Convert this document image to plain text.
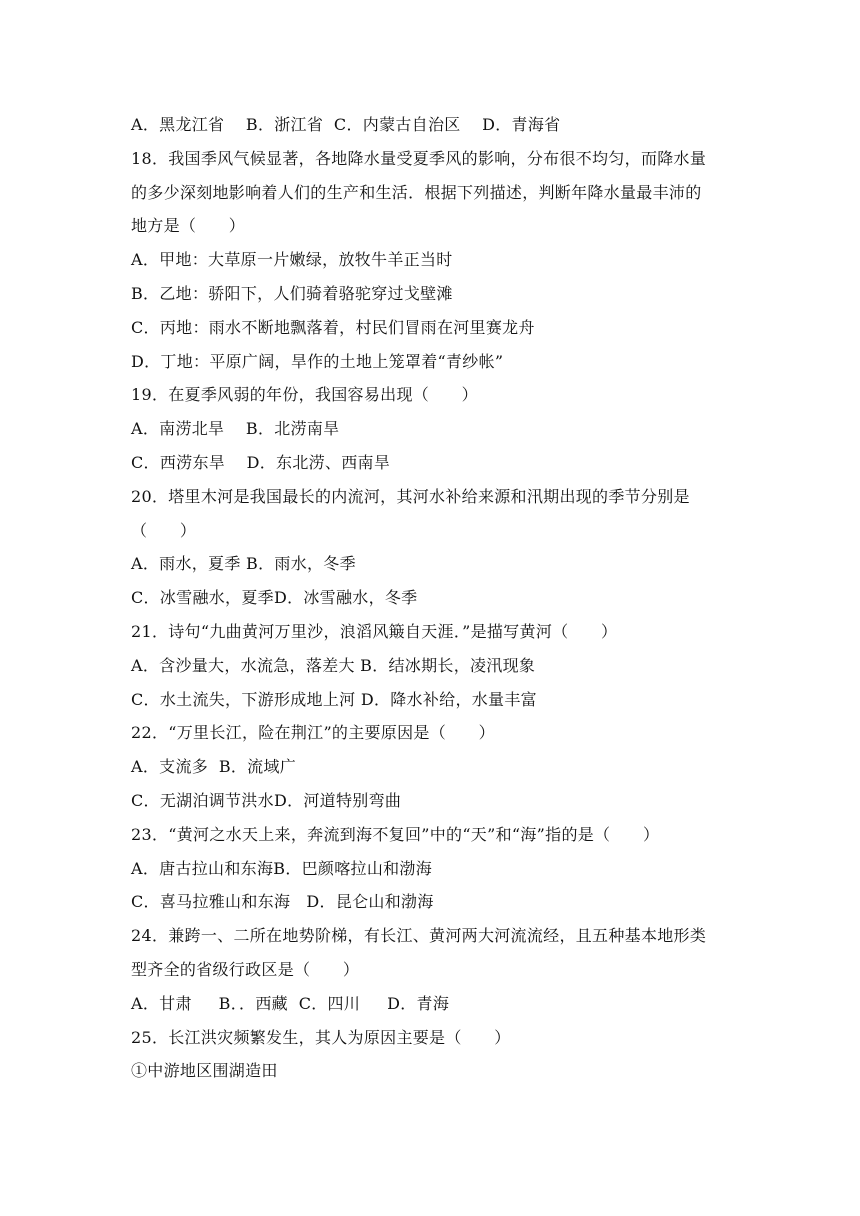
A．黑龙江省    B．浙江省  C．内蒙古自治区    D．青海省
18．我国季风气候显著，各地降水量受夏季风的影响，分布很不均匀，而降水量
的多少深刻地影响着人们的生产和生活．根据下列描述，判断年降水量最丰沛的
地方是（　　）
A．甲地：大草原一片嫩绿，放牧牛羊正当时
B．乙地：骄阳下，人们骑着骆驼穿过戈壁滩
C．丙地：雨水不断地飘落着，村民们冒雨在河里赛龙舟
D．丁地：平原广阔，旱作的土地上笼罩着“青纱帐”
19．在夏季风弱的年份，我国容易出现（　　）
A．南涝北旱    B．北涝南旱
C．西涝东旱    D．东北涝、西南旱
20．塔里木河是我国最长的内流河，其河水补给来源和汛期出现的季节分别是
（　　）
A．雨水，夏季 B．雨水，冬季
C．冰雪融水，夏季D．冰雪融水，冬季
21．诗句“九曲黄河万里沙，浪滔风簸自天涯．”是描写黄河（　　）
A．含沙量大，水流急，落差大 B．结冰期长，凌汛现象
C．水土流失，下游形成地上河 D．降水补给，水量丰富
22．“万里长江，险在荆江”的主要原因是（　　）
A．支流多  B．流域广
C．无湖泊调节洪水D．河道特别弯曲
23．“黄河之水天上来，奔流到海不复回”中的“天”和“海”指的是（　　）
A．唐古拉山和东海B．巴颜喀拉山和渤海
C．喜马拉雅山和东海   D．昆仑山和渤海
24．兼跨一、二所在地势阶梯，有长江、黄河两大河流流经，且五种基本地形类
型齐全的省级行政区是（　　）
A．甘肃     B．．西藏  C．四川     D．青海
25．长江洪灾频繁发生，其人为原因主要是（　　）
①中游地区围湖造田
